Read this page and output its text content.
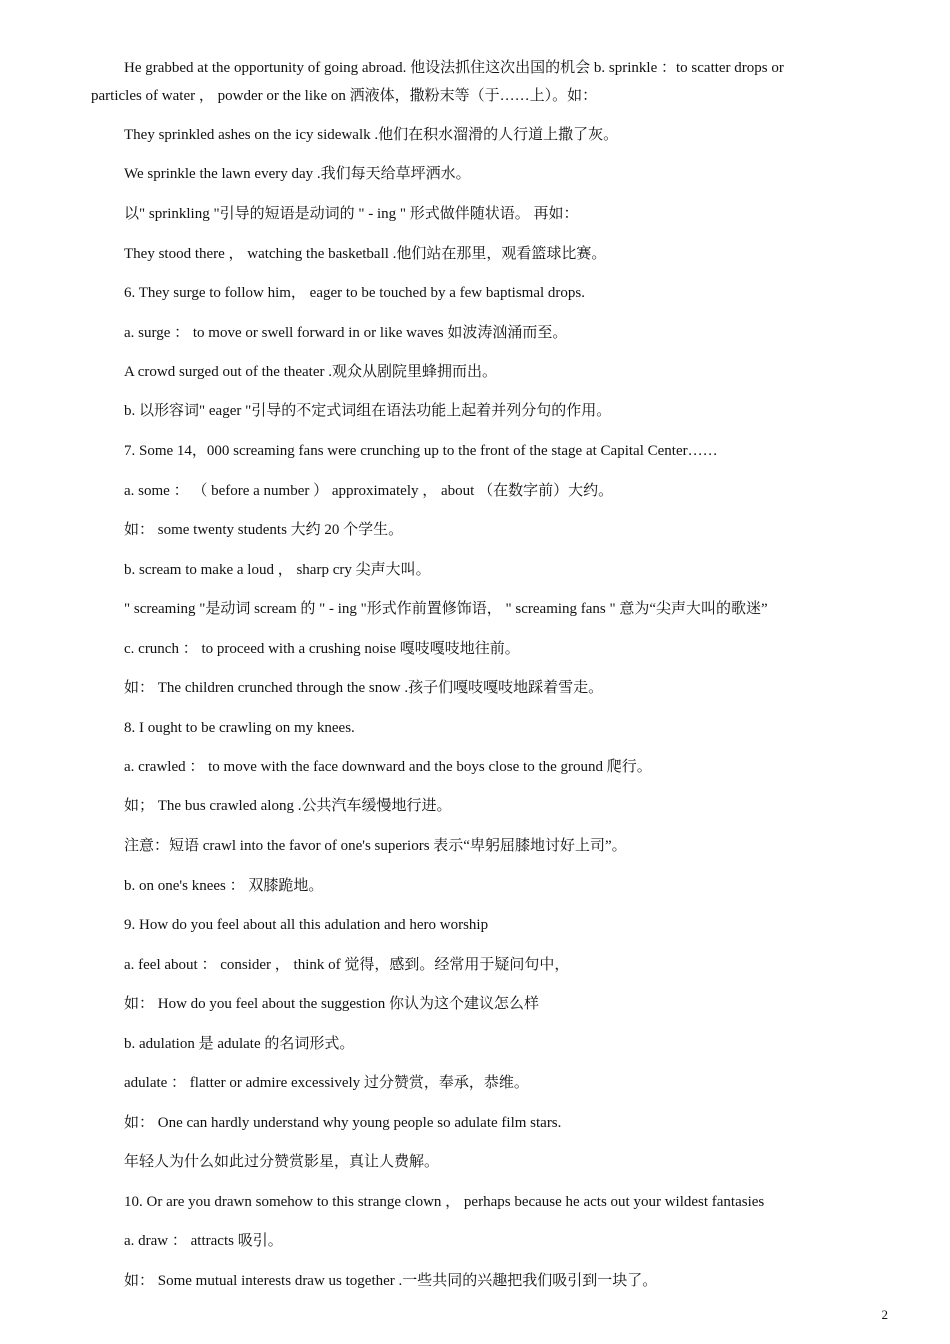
He grabbed at the opportunity of going abroad. 他设法抓住这次出国的机会 b. sprinkle ：to scatter drops or
particles of water ， powder or the like on 洒液体，撒粉末等（于……上）。如：
They sprinkled ashes on the icy sidewalk .他们在积水溜滑的人行道上撒了灰。
We sprinkle the lawn every day .我们每天给草坪洒水。
以" sprinkling "引导的短语是动词的 " - ing " 形式做伴随状语。 再如：
They stood there ， watching the basketball .他们站在那里，观看篮球比赛。
6. They surge to follow him， eager to be touched by a few baptismal drops.
a. surge ： to move or swell forward in or like waves 如波涛汹涌而至。
A crowd surged out of the theater .观众从剧院里蜂拥而出。
b. 以形容词" eager "引导的不定式词组在语法功能上起着并列分句的作用。
7. Some 14，000 screaming fans were crunching up to the front of the stage at Capital Center……
a. some ： （ before a number ） approximately ， about （在数字前）大约。
如： some twenty students 大约 20 个学生。
b. scream to make a loud ， sharp cry 尖声大叫。
" screaming "是动词 scream 的 " - ing "形式作前置修饰语， " screaming fans " 意为“尖声大叫的歌迷”
c. crunch ： to proceed with a crushing noise 嘎吱嘎吱地往前。
如： The children crunched through the snow .孩子们嘎吱嘎吱地踩着雪走。
8. I ought to be crawling on my knees.
a. crawled ： to move with the face downward and the boys close to the ground 爬行。
如； The bus crawled along .公共汽车缓慢地行进。
注意：短语 crawl into the favor of one's superiors 表示“卑躬屈膝地讨好上司”。
b. on one's knees ： 双膝跪地。
9. How do you feel about all this adulation and hero worship
a. feel about ： consider ， think of 觉得，感到。经常用于疑问句中，
如： How do you feel about the suggestion 你认为这个建议怎么样
b. adulation 是 adulate 的名词形式。
adulate ： flatter or admire excessively 过分赞赏，奉承，恭维。
如： One can hardly understand why young people so adulate film stars.
年轻人为什么如此过分赞赏影星，真让人费解。
10. Or are you drawn somehow to this strange clown ， perhaps because he acts out your wildest fantasies
a. draw ： attracts 吸引。
如： Some mutual interests draw us together .一些共同的兴趣把我们吸引到一块了。
2
